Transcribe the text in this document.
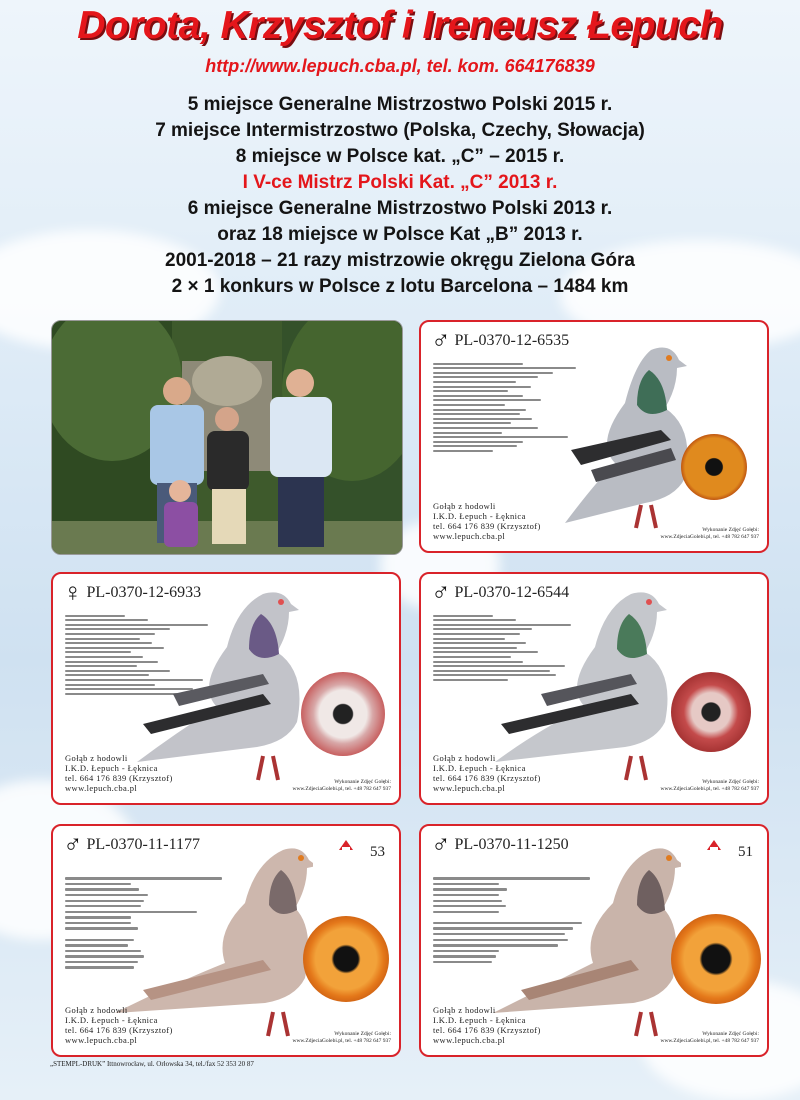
Dorota, Krzysztof i Ireneusz Łepuch
http://www.lepuch.cba.pl, tel. kom. 664176839
5 miejsce Generalne Mistrzostwo Polski 2015 r.
7 miejsce Intermistrzostwo (Polska, Czechy, Słowacja)
8 miejsce w Polsce kat. „C” – 2015 r.
I V-ce Mistrz Polski Kat. „C” 2013 r.
6 miejsce Generalne Mistrzostwo Polski 2013 r.
oraz 18 miejsce w Polsce Kat „B” 2013 r.
2001-2018 – 21 razy mistrzowie okręgu Zielona Góra
2 × 1 konkurs w Polsce z lotu Barcelona – 1484 km
♂ PL-0370-12-6535
Gołąb z hodowli
I.K.D. Łepuch - Łęknica
tel. 664 176 839 (Krzysztof)
www.lepuch.cba.pl
Wykonanie Zdjęć Gołębi:
www.ZdjeciaGolebi.pl, tel. +48 782 647 937
♀ PL-0370-12-6933
Gołąb z hodowli
I.K.D. Łepuch - Łęknica
tel. 664 176 839 (Krzysztof)
www.lepuch.cba.pl
Wykonanie Zdjęć Gołębi:
www.ZdjeciaGolebi.pl, tel. +48 782 647 937
♂ PL-0370-12-6544
Gołąb z hodowli
I.K.D. Łepuch - Łęknica
tel. 664 176 839 (Krzysztof)
www.lepuch.cba.pl
Wykonanie Zdjęć Gołębi:
www.ZdjeciaGolebi.pl, tel. +48 782 647 937
♂ PL-0370-11-1177	53
Gołąb z hodowli
I.K.D. Łepuch - Łęknica
tel. 664 176 839 (Krzysztof)
www.lepuch.cba.pl
Wykonanie Zdjęć Gołębi:
www.ZdjeciaGolebi.pl, tel. +48 782 647 937
♂ PL-0370-11-1250	51
Gołąb z hodowli
I.K.D. Łepuch - Łęknica
tel. 664 176 839 (Krzysztof)
www.lepuch.cba.pl
Wykonanie Zdjęć Gołębi:
www.ZdjeciaGolebi.pl, tel. +48 782 647 937
„STEMPL-DRUK” Ittnowrocław, ul. Orłowska 34, tel./fax 52 353 20 87
